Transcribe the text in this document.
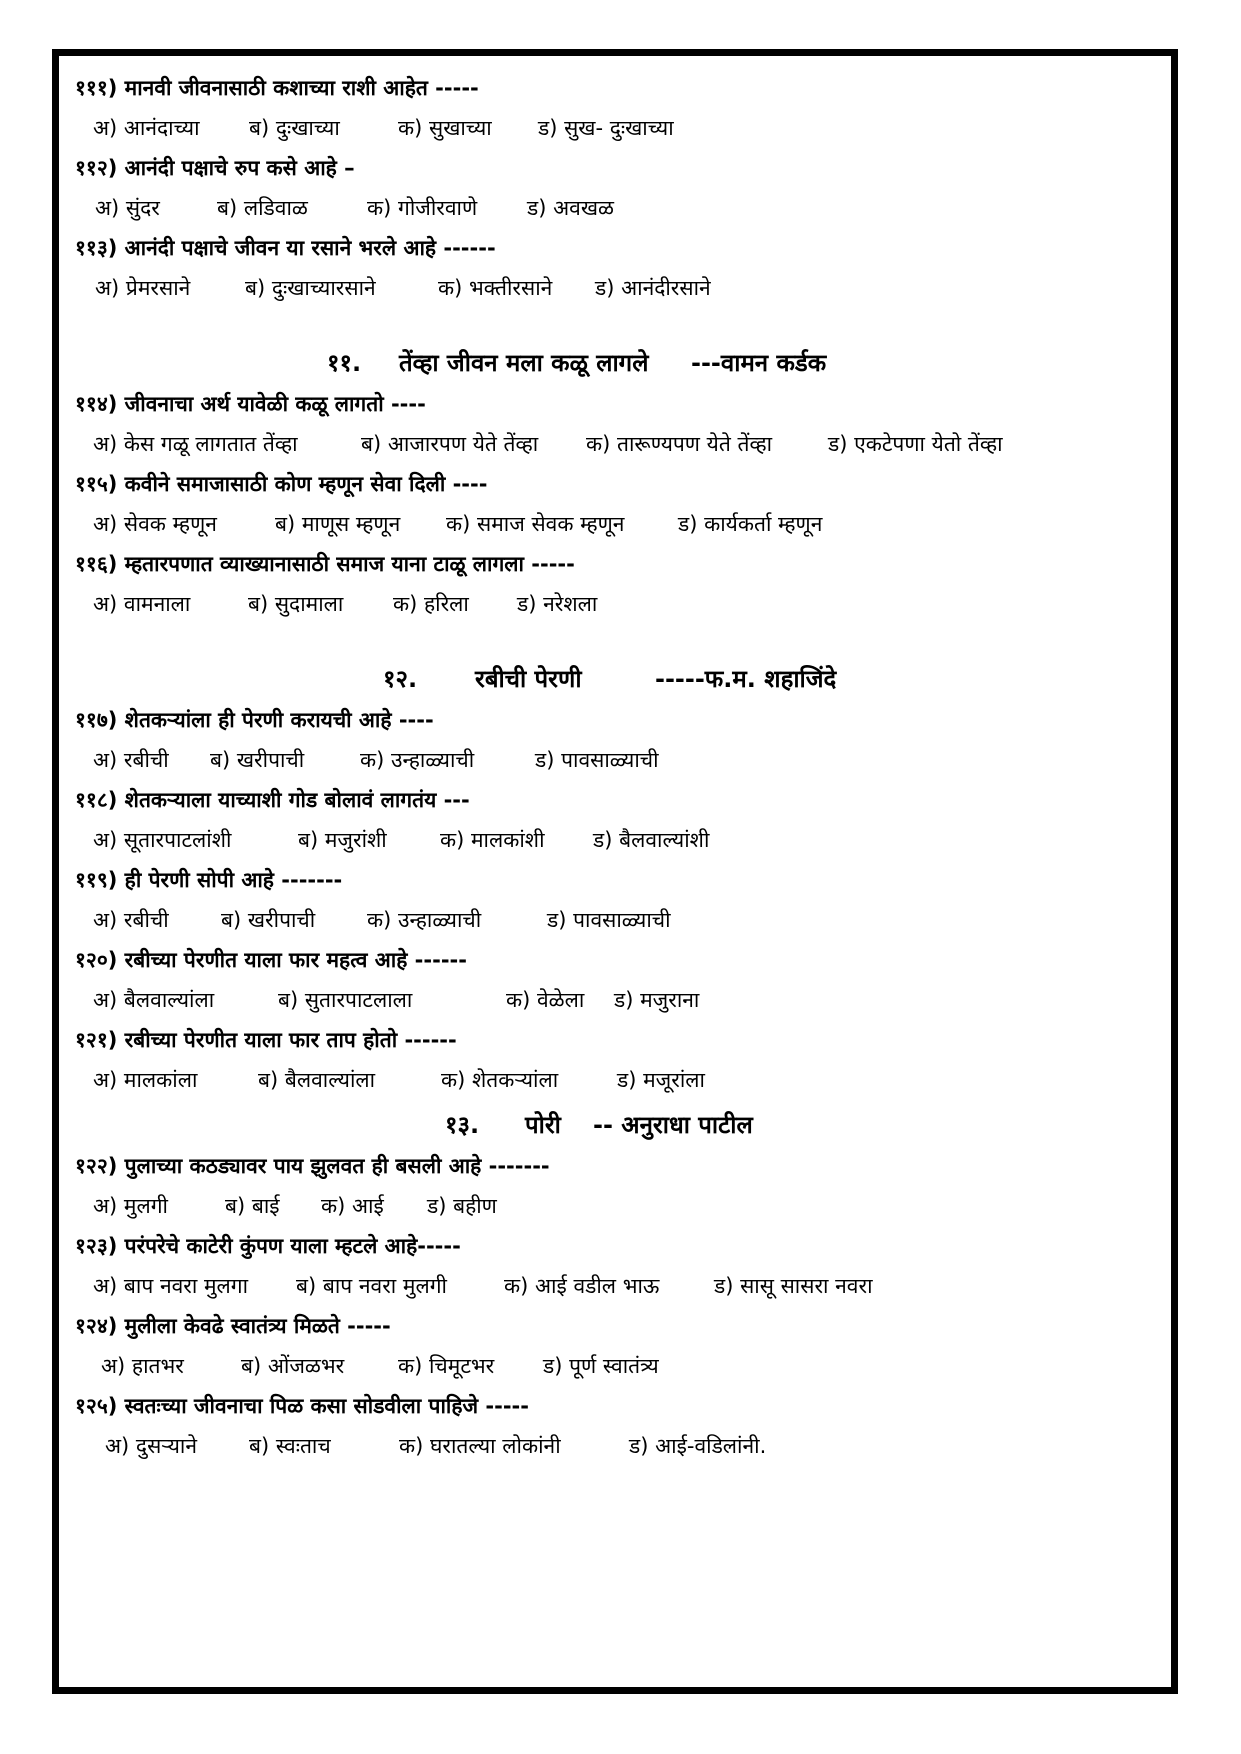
१११) मानवी जीवनासाठी कशाच्या राशी आहेत -----
अ) आनंदाच्या ब) दुःखाच्या	क) सुखाच्या ड) सुख- दुःखाच्या
११२) आनंदी पक्षाचे रुप कसे आहे –
अ) सुंदर	ब) लडिवाळ	क) गोजीरवाणे ड) अवखळ
११३) आनंदी पक्षाचे जीवन या रसाने भरले आहे ------
अ) प्रेमरसाने	ब) दुःखाच्यारसाने	क) भक्तीरसाने ड) आनंदीरसाने
११. तेंव्हा जीवन मला कळू लागले ---वामन कर्डक
११४) जीवनाचा अर्थ यावेळी कळू लागतो ----
अ) केस गळू लागतात तेंव्हा	ब) आजारपण येते तेंव्हा क) तारूण्यपण येते तेंव्हा	ड) एकटेपणा येतो तेंव्हा
११५) कवीने समाजासाठी कोण म्हणून सेवा दिली ----
अ) सेवक म्हणून	ब) माणूस म्हणून क) समाज सेवक म्हणून	ड) कार्यकर्ता म्हणून
११६) म्हतारपणात व्याख्यानासाठी समाज याना टाळू लागला -----
अ) वामनाला	ब) सुदामाला क) हरिला ड) नरेशला
१२. रबीची पेरणी	-----फ.म. शहाजिंदे
११७) शेतकऱ्यांला ही पेरणी करायची आहे ----
अ) रबीची ब) खरीपाची	क) उन्हाळ्याची	ड) पावसाळ्याची
११८) शेतकऱ्याला याच्याशी गोड बोलावं लागतंय ---
अ) सूतारपाटलांशी	ब) मजुरांशी	क) मालकांशी ड) बैलवाल्यांशी
११९) ही पेरणी सोपी आहे -------
अ) रबीची ब) खरीपाची क) उन्हाळ्याची	ड) पावसाळ्याची
१२०) रबीच्या पेरणीत याला फार महत्व आहे ------
अ) बैलवाल्यांला	ब) सुतारपाटलाला	क) वेळेला ड) मजुराना
१२१) रबीच्या पेरणीत याला फार ताप होतो ------
अ) मालकांला	ब) बैलवाल्यांला	क) शेतकऱ्यांला	ड) मजूरांला
१३. पोरी -- अनुराधा पाटील
१२२) पुलाच्या कठड्यावर पाय झुलवत ही बसली आहे -------
अ) मुलगी	ब) बाई क) आई ड) बहीण
१२३) परंपरेचे काटेरी कुंपण याला म्हटले आहे-----
अ) बाप नवरा मुलगा ब) बाप नवरा मुलगी	क) आई वडील भाऊ	ड) सासू सासरा नवरा
१२४) मुलीला केवढे स्वातंत्र्य मिळते -----
अ) हातभर	ब) ओंजळभर	क) चिमूटभर ड) पूर्ण स्वातंत्र्य
१२५) स्वतःच्या जीवनाचा पिळ कसा सोडवीला पाहिजे -----
अ) दुसऱ्याने ब) स्वःताच	क) घरातल्या लोकांनी	ड) आई-वडिलांनी.
